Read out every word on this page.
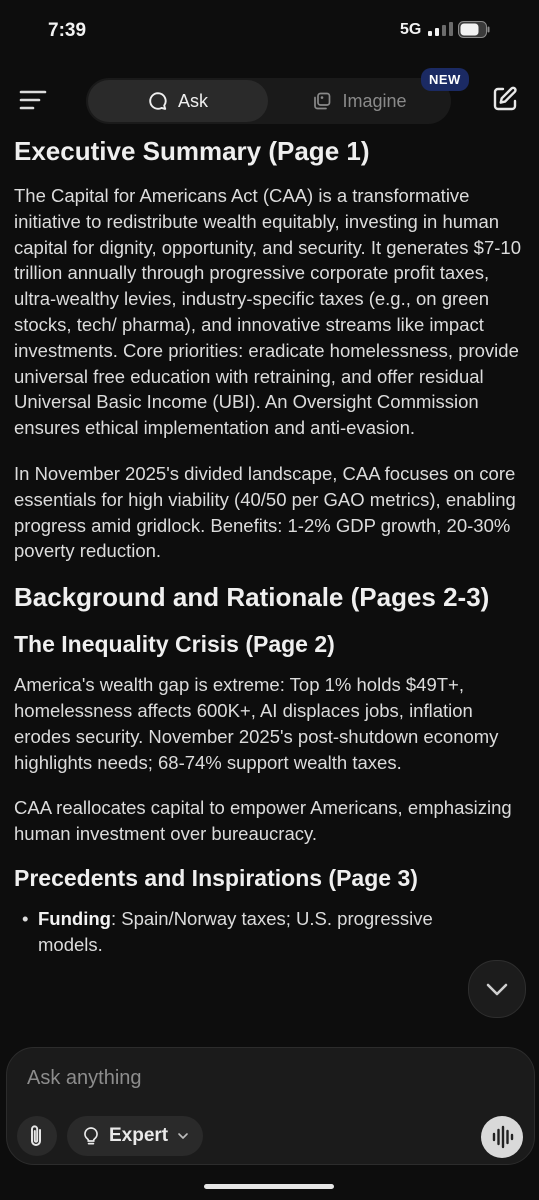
7:39	5G
Ask	Imagine
NEW
Executive Summary (Page 1)

The Capital for Americans Act (CAA) is a transformative initiative to redistribute wealth equitably, investing in human capital for dignity, opportunity, and security. It generates $7-10 trillion annually through progressive corporate profit taxes, ultra-wealthy levies, industry-specific taxes (e.g., on green stocks, tech/ pharma), and innovative streams like impact investments. Core priorities: eradicate homelessness, provide universal free education with retraining, and offer residual Universal Basic Income (UBI). An Oversight Commission ensures ethical implementation and anti-evasion.

In November 2025's divided landscape, CAA focuses on core essentials for high viability (40/50 per GAO metrics), enabling progress amid gridlock. Benefits: 1-2% GDP growth, 20-30% poverty reduction.

Background and Rationale (Pages 2-3)
The Inequality Crisis (Page 2)

America's wealth gap is extreme: Top 1% holds $49T+, homelessness affects 600K+, AI displaces jobs, inflation erodes security. November 2025's post-shutdown economy highlights needs; 68-74% support wealth taxes.

CAA reallocates capital to empower Americans, emphasizing human investment over bureaucracy.

Precedents and Inspirations (Page 3)
• Funding: Spain/Norway taxes; U.S. progressive models.
Ask anything
Expert
